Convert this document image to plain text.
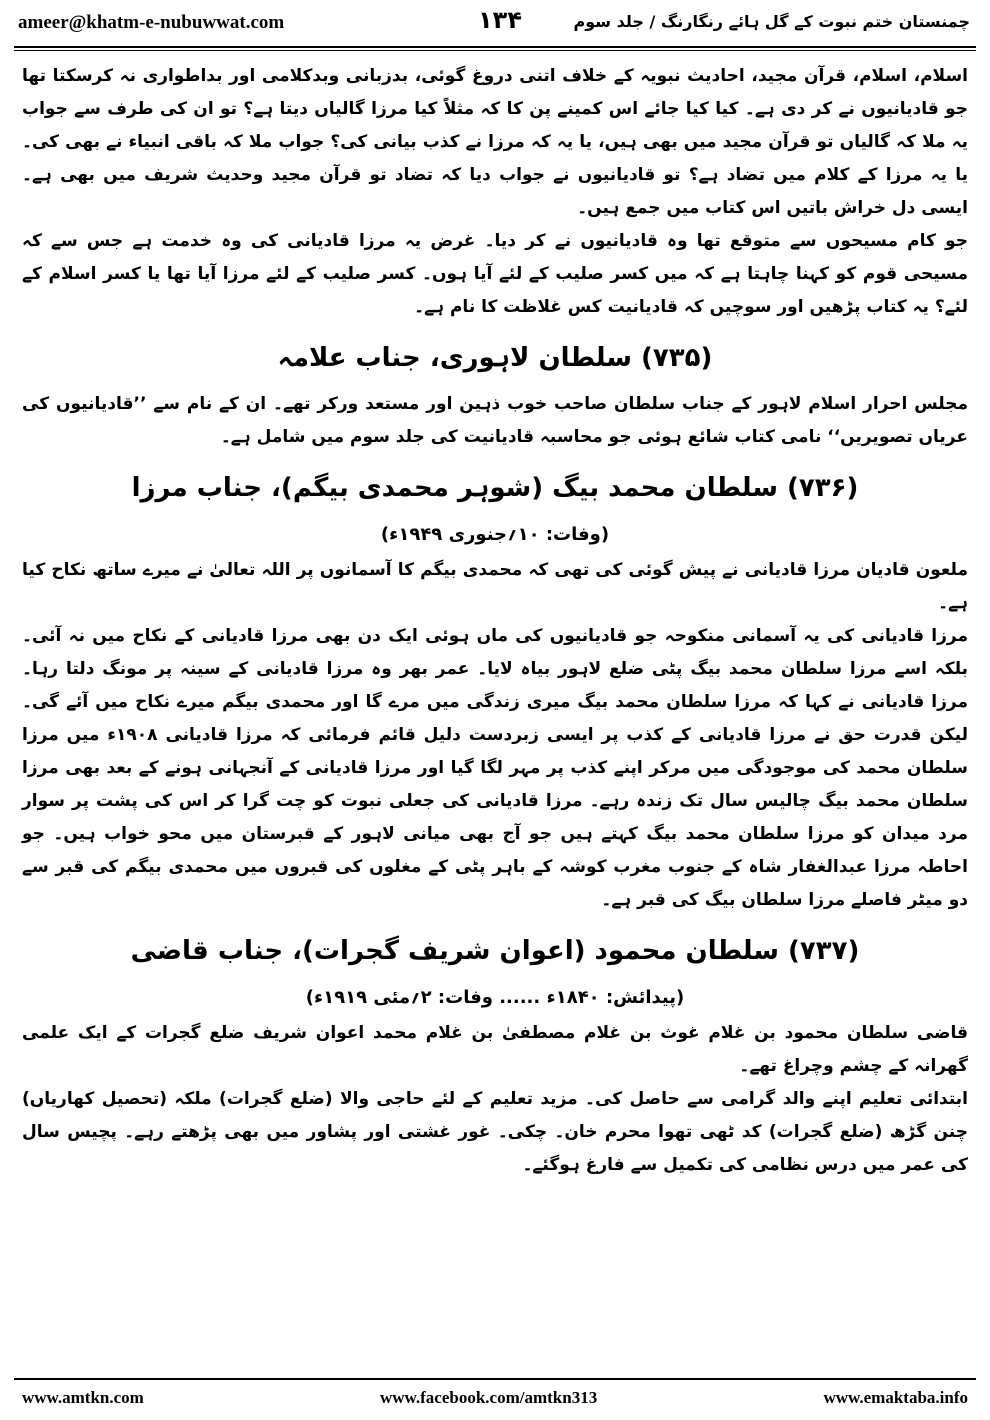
ameer@khatm-e-nubuwwat.com	۱۳۴	چمنستان ختم نبوت کے گل ہائے رنگارنگ / جلد سوم

اسلام، اسلام، قرآن مجید، احادیث نبویہ کے خلاف اتنی دروغ گوئی، بدزبانی وبدکلامی اور بداطواری نہ کرسکتا تھا جو قادیانیوں نے کر دی ہے۔ کیا کیا جائے اس کمینے پن کا کہ مثلاً کیا مرزا گالیاں دیتا ہے؟ تو ان کی طرف سے جواب یہ ملا کہ گالیاں تو قرآن مجید میں بھی ہیں، یا یہ کہ مرزا نے کذب بیانی کی؟ جواب ملا کہ باقی انبیاء نے بھی کی۔ یا یہ مرزا کے کلام میں تضاد ہے؟ تو قادیانیوں نے جواب دیا کہ تضاد تو قرآن مجید وحدیث شریف میں بھی ہے۔ ایسی دل خراش باتیں اس کتاب میں جمع ہیں۔

جو کام مسیحوں سے متوقع تھا وہ قادیانیوں نے کر دیا۔ غرض یہ مرزا قادیانی کی وہ خدمت ہے جس سے کہ مسیحی قوم کو کہنا چاہتا ہے کہ میں کسر صلیب کے لئے آیا ہوں۔ کسر صلیب کے لئے مرزا آیا تھا یا کسر اسلام کے لئے؟ یہ کتاب پڑھیں اور سوچیں کہ قادیانیت کس غلاظت کا نام ہے۔

(۷۳۵) سلطان لاہوری، جناب علامہ

مجلس احرار اسلام لاہور کے جناب سلطان صاحب خوب ذہین اور مستعد ورکر تھے۔ ان کے نام سے ’’قادیانیوں کی عریاں تصویریں‘‘ نامی کتاب شائع ہوئی جو محاسبہ قادیانیت کی جلد سوم میں شامل ہے۔

(۷۳۶) سلطان محمد بیگ (شوہر محمدی بیگم)، جناب مرزا
(وفات: ۱۰؍جنوری ۱۹۴۹ء)

ملعون قادیان مرزا قادیانی نے پیش گوئی کی تھی کہ محمدی بیگم کا آسمانوں پر اللہ تعالیٰ نے میرے ساتھ نکاح کیا ہے۔

مرزا قادیانی کی یہ آسمانی منکوحہ جو قادیانیوں کی ماں ہوئی ایک دن بھی مرزا قادیانی کے نکاح میں نہ آئی۔ بلکہ اسے مرزا سلطان محمد بیگ پٹی ضلع لاہور بیاہ لایا۔ عمر بھر وہ مرزا قادیانی کے سینہ پر مونگ دلتا رہا۔ مرزا قادیانی نے کہا کہ مرزا سلطان محمد بیگ میری زندگی میں مرے گا اور محمدی بیگم میرے نکاح میں آئے گی۔ لیکن قدرت حق نے مرزا قادیانی کے کذب پر ایسی زبردست دلیل قائم فرمائی کہ مرزا قادیانی ۱۹۰۸ء میں مرزا سلطان محمد کی موجودگی میں مرکر اپنے کذب پر مہر لگا گیا اور مرزا قادیانی کے آنجہانی ہونے کے بعد بھی مرزا سلطان محمد بیگ چالیس سال تک زندہ رہے۔ مرزا قادیانی کی جعلی نبوت کو چت گرا کر اس کی پشت پر سوار مرد میدان کو مرزا سلطان محمد بیگ کہتے ہیں جو آج بھی میانی لاہور کے قبرستان میں محو خواب ہیں۔ جو احاطہ مرزا عبدالغفار شاہ کے جنوب مغرب کوشہ کے باہر پٹی کے مغلوں کی قبروں میں محمدی بیگم کی قبر سے دو میٹر فاصلے مرزا سلطان بیگ کی قبر ہے۔

(۷۳۷) سلطان محمود (اعوان شریف گجرات)، جناب قاضی
(پیدائش: ۱۸۴۰ء ...... وفات: ۲؍مئی ۱۹۱۹ء)

قاضی سلطان محمود بن غلام غوث بن غلام مصطفیٰ بن غلام محمد اعوان شریف ضلع گجرات کے ایک علمی گھرانہ کے چشم وچراغ تھے۔

ابتدائی تعلیم اپنے والد گرامی سے حاصل کی۔ مزید تعلیم کے لئے حاجی والا (ضلع گجرات) ملکہ (تحصیل کھاریاں) چنن گڑھ (ضلع گجرات) کد ٹھی تھوا محرم خان۔ چکی۔ غور غشتی اور پشاور میں بھی پڑھتے رہے۔ پچیس سال کی عمر میں درس نظامی کی تکمیل سے فارغ ہوگئے۔

www.amtkn.com	www.facebook.com/amtkn313	www.emaktaba.info
